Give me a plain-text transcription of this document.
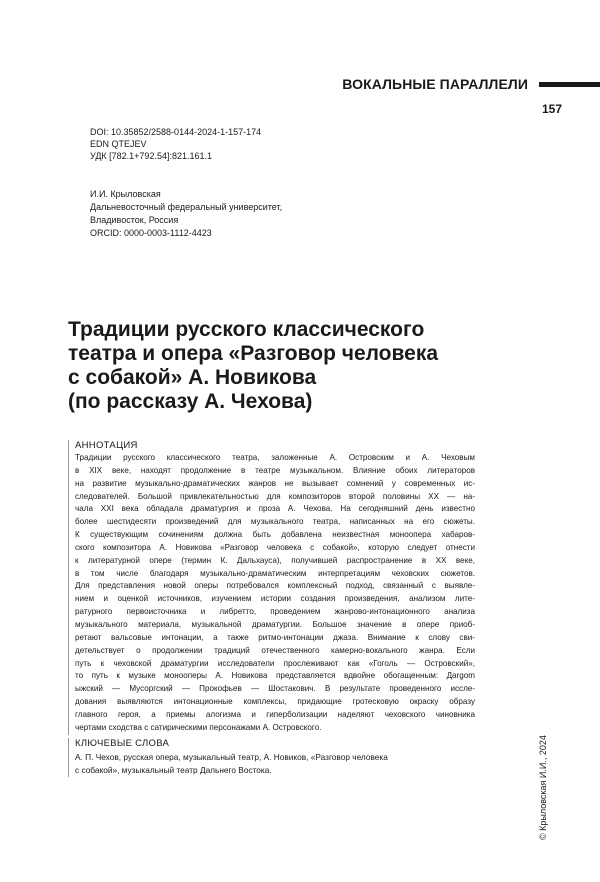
ВОКАЛЬНЫЕ ПАРАЛЛЕЛИ
157
DOI: 10.35852/2588-0144-2024-1-157-174
EDN QTEJEV
УДК [782.1+792.54]:821.161.1
И.И. Крыловская
Дальневосточный федеральный университет,
Владивосток, Россия
ORCID: 0000-0003-1112-4423
Традиции русского классического
театра и опера «Разговор человека
с собакой» А. Новикова
(по рассказу А. Чехова)
АННОТАЦИЯ
Традиции русского классического театра, заложенные А. Островским и А. Чеховым
в XIX веке, находят продолжение в театре музыкальном. Влияние обоих литераторов
на развитие музыкально-драматических жанров не вызывает сомнений у современных ис-
следователей. Большой привлекательностью для композиторов второй половины XX — на-
чала XXI века обладала драматургия и проза А. Чехова. На сегодняшний день известно
более шестидесяти произведений для музыкального театра, написанных на его сюжеты.
К существующим сочинениям должна быть добавлена неизвестная моноопера хабаров-
ского композитора А. Новикова «Разговор человека с собакой», которую следует отнести
к литературной опере (термин К. Дальхауса), получившей распространение в XX веке,
в том числе благодаря музыкально-драматическим интерпретациям чеховских сюжетов.
Для представления новой оперы потребовался комплексный подход, связанный с выявле-
нием и оценкой источников, изучением истории создания произведения, анализом лите-
ратурного первоисточника и либретто, проведением жанрово-интонационного анализа
музыкального материала, музыкальной драматургии. Большое значение в опере приоб-
ретают вальсовые интонации, а также ритмо-интонации джаза. Внимание к слову сви-
детельствует о продолжении традиций отечественного камерно-вокального жанра. Если
путь к чеховской драматургии исследователи прослеживают как «Гоголь — Островский»,
то путь к музыке монооперы А. Новикова представляется вдвойне обогащенным: Дargom
ыжский — Мусоргский — Прокофьев — Шостакович. В результате проведенного иссле-
дования выявляются интонационные комплексы, придающие гротесковую окраску образу
главного героя, а приемы алогизма и гиперболизации наделяют чеховского чиновника
чертами сходства с сатирическими персонажами А. Островского.
КЛЮЧЕВЫЕ СЛОВА
А. П. Чехов, русская опера, музыкальный театр, А. Новиков, «Разговор человека
с собакой», музыкальный театр Дальнего Востока.	© Крыловская И.И., 2024
